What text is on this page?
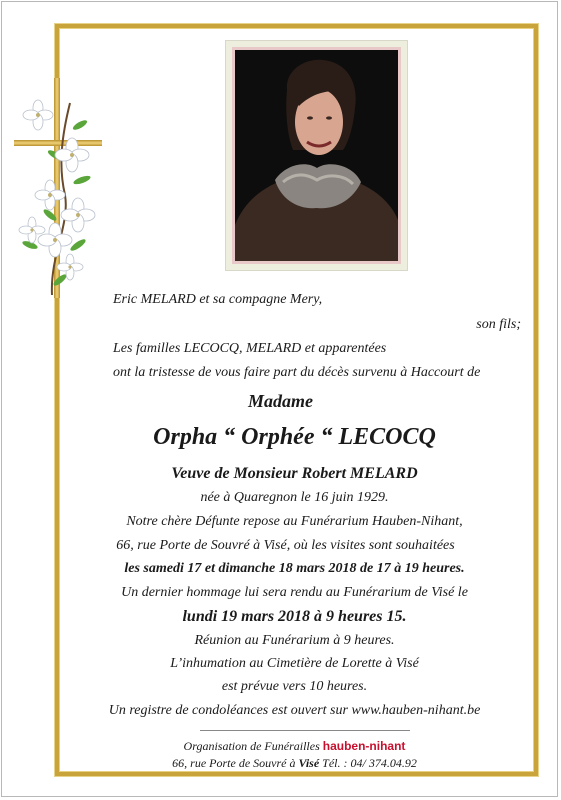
Eric MELARD et sa compagne Mery,
son fils;
Les familles LECOCQ, MELARD et apparentées
ont la tristesse de vous faire part du décès survenu à Haccourt de
Madame
Orpha “ Orphée “ LECOCQ
Veuve de Monsieur Robert MELARD
née à Quaregnon le 16 juin 1929.
Notre chère Défunte repose au Funérarium Hauben-Nihant,
66, rue Porte de Souvré à Visé, où les visites sont souhaitées
les samedi 17 et dimanche 18 mars 2018 de 17 à 19 heures.
Un dernier hommage lui sera rendu au Funérarium de Visé le
lundi 19 mars 2018 à 9 heures 15.
Réunion au Funérarium à 9 heures.
L’inhumation au Cimetière de Lorette à Visé
est prévue vers 10 heures.
Un registre de condoléances est ouvert sur www.hauben-nihant.be
Organisation de Funérailles hauben-nihant
66, rue Porte de Souvré à Visé Tél. : 04/ 374.04.92
